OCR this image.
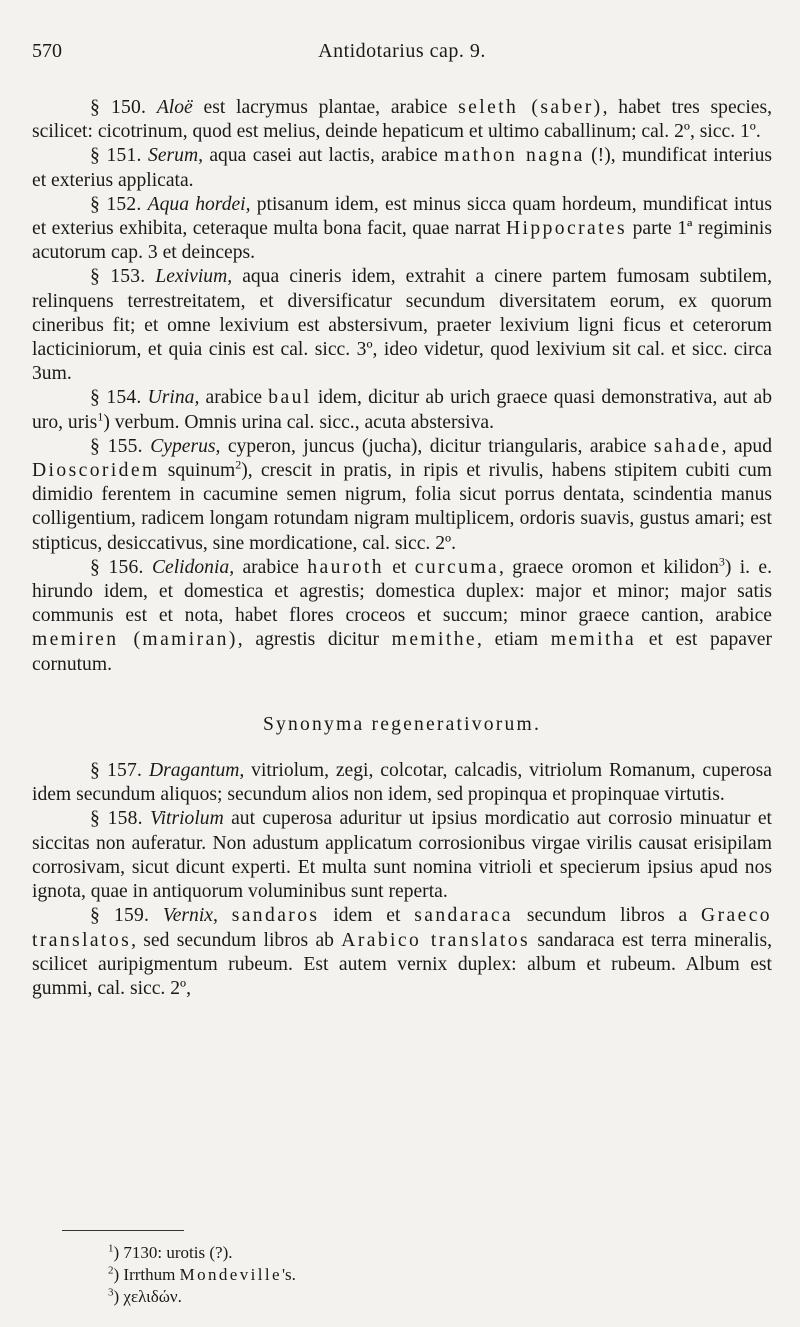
570	Antidotarius cap. 9.

§ 150. Aloë est lacrymus plantae, arabice seleth (saber), habet tres species, scilicet: cicotrinum, quod est melius, deinde hepaticum et ultimo caballinum; cal. 2º, sicc. 1º.

§ 151. Serum, aqua casei aut lactis, arabice mathon nagna (!), mundificat interius et exterius applicata.

§ 152. Aqua hordei, ptisanum idem, est minus sicca quam hordeum, mundificat intus et exterius exhibita, ceteraque multa bona facit, quae narrat Hippocrates parte 1ª regiminis acutorum cap. 3 et deinceps.

§ 153. Lexivium, aqua cineris idem, extrahit a cinere partem fumosam subtilem, relinquens terrestreitatem, et diversificatur secundum diversitatem eorum, ex quorum cineribus fit; et omne lexivium est abstersivum, praeter lexivium ligni ficus et ceterorum lacticiniorum, et quia cinis est cal. sicc. 3º, ideo videtur, quod lexivium sit cal. et sicc. circa 3um.

§ 154. Urina, arabice baul idem, dicitur ab urich graece quasi demonstrativa, aut ab uro, uris$^1$) verbum. Omnis urina cal. sicc., acuta abstersiva.

§ 155. Cyperus, cyperon, juncus (jucha), dicitur triangularis, arabice sahade, apud Dioscoridem squinum$^2$), crescit in pratis, in ripis et rivulis, habens stipitem cubiti cum dimidio ferentem in cacumine semen nigrum, folia sicut porrus dentata, scindentia manus colligentium, radicem longam rotundam nigram multiplicem, ordoris suavis, gustus amari; est stipticus, desiccativus, sine mordicatione, cal. sicc. 2º.

§ 156. Celidonia, arabice hauroth et curcuma, graece oromon et kilidon$^3$) i. e. hirundo idem, et domestica et agrestis; domestica duplex: major et minor; major satis communis est et nota, habet flores croceos et succum; minor graece cantion, arabice memiren (mamiran), agrestis dicitur memithe, etiam memitha et est papaver cornutum.

Synonyma regenerativorum.

§ 157. Dragantum, vitriolum, zegi, colcotar, calcadis, vitriolum Romanum, cuperosa idem secundum aliquos; secundum alios non idem, sed propinqua et propinquae virtutis.

§ 158. Vitriolum aut cuperosa aduritur ut ipsius mordicatio aut corrosio minuatur et siccitas non auferatur. Non adustum applicatum corrosionibus virgae virilis causat erisipilam corrosivam, sicut dicunt experti. Et multa sunt nomina vitrioli et specierum ipsius apud nos ignota, quae in antiquorum voluminibus sunt reperta.

§ 159. Vernix, sandaros idem et sandaraca secundum libros a Graeco translatos, sed secundum libros ab Arabico translatos sandaraca est terra mineralis, scilicet auripigmentum rubeum. Est autem vernix duplex: album et rubeum. Album est gummi, cal. sicc. 2º,

$^1$) 7130: urotis (?).
$^2$) Irrthum Mondeville's.
$^3$) χελιδών.
